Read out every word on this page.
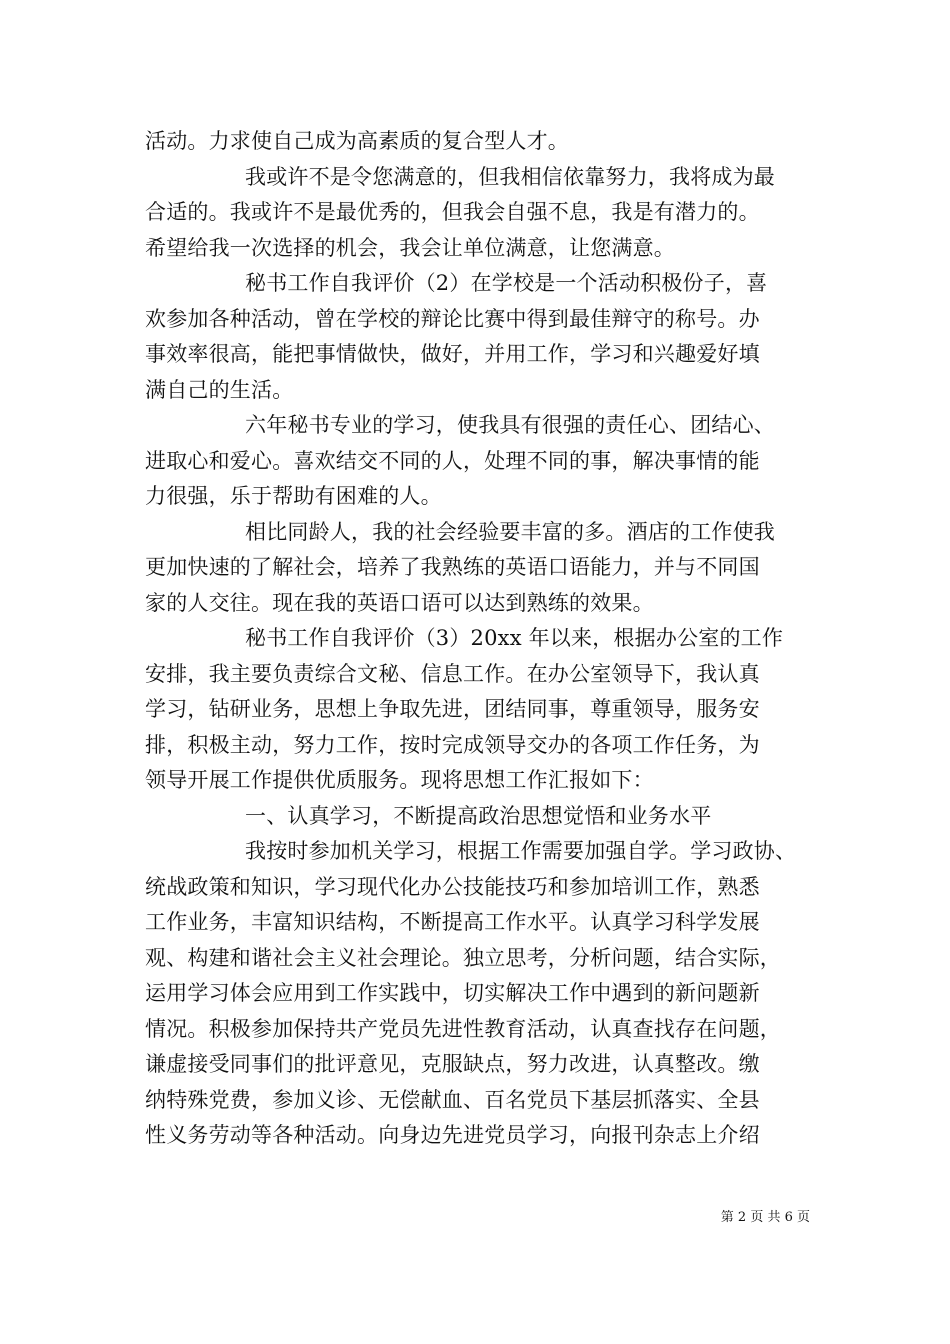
活动。力求使自己成为高素质的复合型人才。
我或许不是令您满意的，但我相信依靠努力，我将成为最
合适的。我或许不是最优秀的，但我会自强不息，我是有潜力的。
希望给我一次选择的机会，我会让单位满意，让您满意。
秘书工作自我评价（2）在学校是一个活动积极份子，喜
欢参加各种活动，曾在学校的辩论比赛中得到最佳辩守的称号。办
事效率很高，能把事情做快，做好，并用工作，学习和兴趣爱好填
满自己的生活。
六年秘书专业的学习，使我具有很强的责任心、团结心、
进取心和爱心。喜欢结交不同的人，处理不同的事，解决事情的能
力很强，乐于帮助有困难的人。
相比同龄人，我的社会经验要丰富的多。酒店的工作使我
更加快速的了解社会，培养了我熟练的英语口语能力，并与不同国
家的人交往。现在我的英语口语可以达到熟练的效果。
秘书工作自我评价（3）20xx 年以来，根据办公室的工作
安排，我主要负责综合文秘、信息工作。在办公室领导下，我认真
学习，钻研业务，思想上争取先进，团结同事，尊重领导，服务安
排，积极主动，努力工作，按时完成领导交办的各项工作任务，为
领导开展工作提供优质服务。现将思想工作汇报如下：
一、认真学习，不断提高政治思想觉悟和业务水平
我按时参加机关学习，根据工作需要加强自学。学习政协、
统战政策和知识，学习现代化办公技能技巧和参加培训工作，熟悉
工作业务，丰富知识结构，不断提高工作水平。认真学习科学发展
观、构建和谐社会主义社会理论。独立思考，分析问题，结合实际，
运用学习体会应用到工作实践中，切实解决工作中遇到的新问题新
情况。积极参加保持共产党员先进性教育活动，认真查找存在问题，
谦虚接受同事们的批评意见，克服缺点，努力改进，认真整改。缴
纳特殊党费，参加义诊、无偿献血、百名党员下基层抓落实、全县
性义务劳动等各种活动。向身边先进党员学习，向报刊杂志上介绍
第 2 页 共 6 页
